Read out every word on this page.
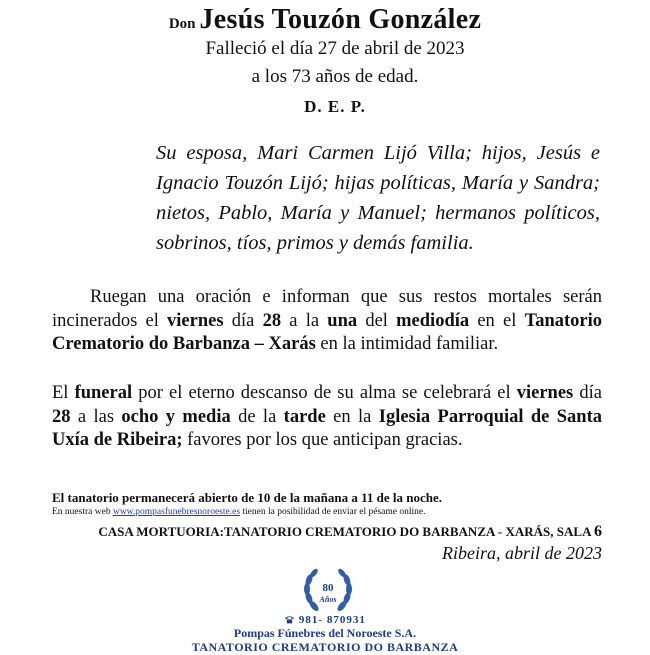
Don Jesús Touzón González
Falleció el día 27 de abril de 2023
a los 73 años de edad.
D. E. P.
Su esposa, Mari Carmen Lijó Villa; hijos, Jesús e Ignacio Touzón Lijó; hijas políticas, María y Sandra; nietos, Pablo, María y Manuel; hermanos políticos, sobrinos, tíos, primos y demás familia.
Ruegan una oración e informan que sus restos mortales serán incinerados el viernes día 28 a la una del mediodía en el Tanatorio Crematorio do Barbanza – Xarás en la intimidad familiar.
El funeral por el eterno descanso de su alma se celebrará el viernes día 28 a las ocho y media de la tarde en la Iglesia Parroquial de Santa Uxía de Ribeira; favores por los que anticipan gracias.
El tanatorio permanecerá abierto de 10 de la mañana a 11 de la noche.
En nuestra web www.pompasfunebresnoroeste.es tienen la posibilidad de enviar el pésame online.
CASA MORTUORIA:TANATORIO CREMATORIO DO BARBANZA - XARÁS, SALA 6
Ribeira, abril de 2023
80
Años
981- 870931
Pompas Fúnebres del Noroeste S.A.
TANATORIO CREMATORIO DO BARBANZA
